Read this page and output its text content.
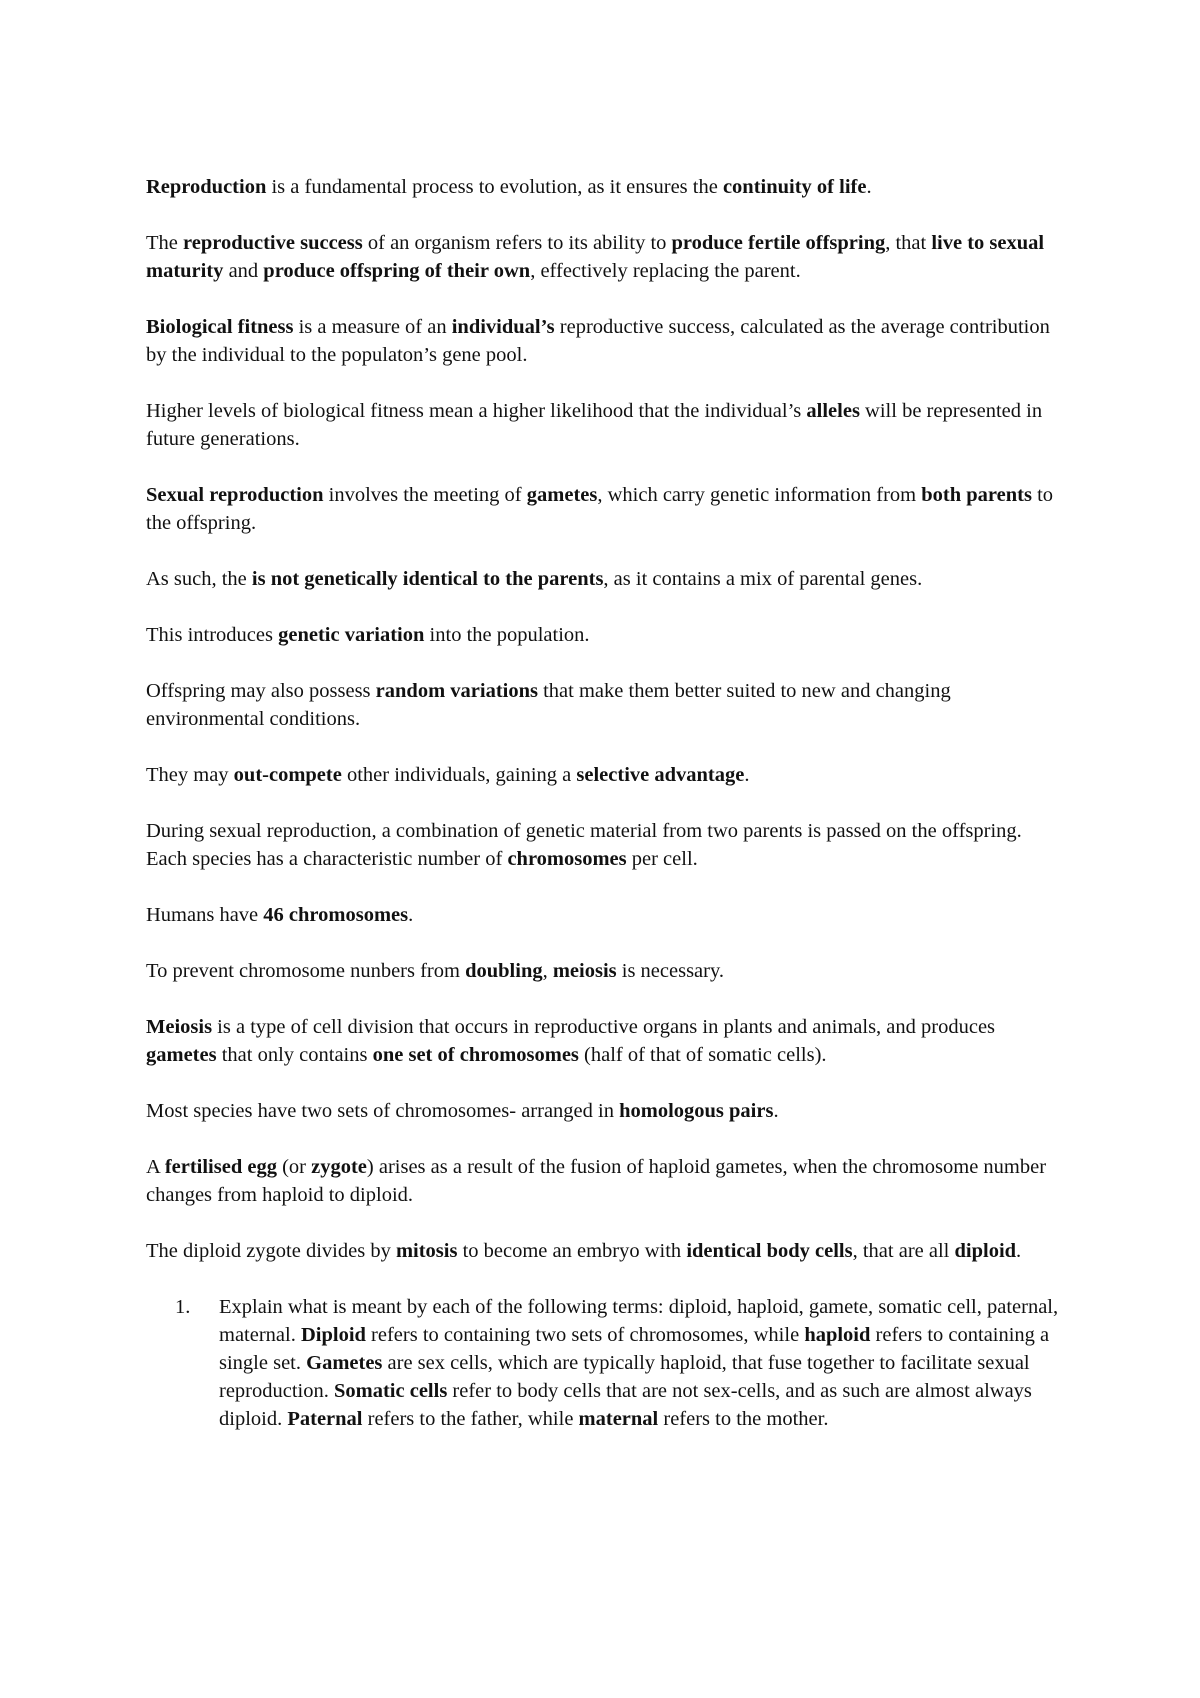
Reproduction is a fundamental process to evolution, as it ensures the continuity of life.

The reproductive success of an organism refers to its ability to produce fertile offspring, that live to sexual maturity and produce offspring of their own, effectively replacing the parent.

Biological fitness is a measure of an individual’s reproductive success, calculated as the average contribution by the individual to the populaton’s gene pool.

Higher levels of biological fitness mean a higher likelihood that the individual’s alleles will be represented in future generations.

Sexual reproduction involves the meeting of gametes, which carry genetic information from both parents to the offspring.

As such, the is not genetically identical to the parents, as it contains a mix of parental genes.

This introduces genetic variation into the population.

Offspring may also possess random variations that make them better suited to new and changing environmental conditions.

They may out-compete other individuals, gaining a selective advantage.

During sexual reproduction, a combination of genetic material from two parents is passed on the offspring. Each species has a characteristic number of chromosomes per cell.

Humans have 46 chromosomes.

To prevent chromosome nunbers from doubling, meiosis is necessary.

Meiosis is a type of cell division that occurs in reproductive organs in plants and animals, and produces gametes that only contains one set of chromosomes (half of that of somatic cells).

Most species have two sets of chromosomes- arranged in homologous pairs.

A fertilised egg (or zygote) arises as a result of the fusion of haploid gametes, when the chromosome number changes from haploid to diploid.

The diploid zygote divides by mitosis to become an embryo with identical body cells, that are all diploid.

1. Explain what is meant by each of the following terms: diploid, haploid, gamete, somatic cell, paternal, maternal. Diploid refers to containing two sets of chromosomes, while haploid refers to containing a single set. Gametes are sex cells, which are typically haploid, that fuse together to facilitate sexual reproduction. Somatic cells refer to body cells that are not sex-cells, and as such are almost always diploid. Paternal refers to the father, while maternal refers to the mother.
